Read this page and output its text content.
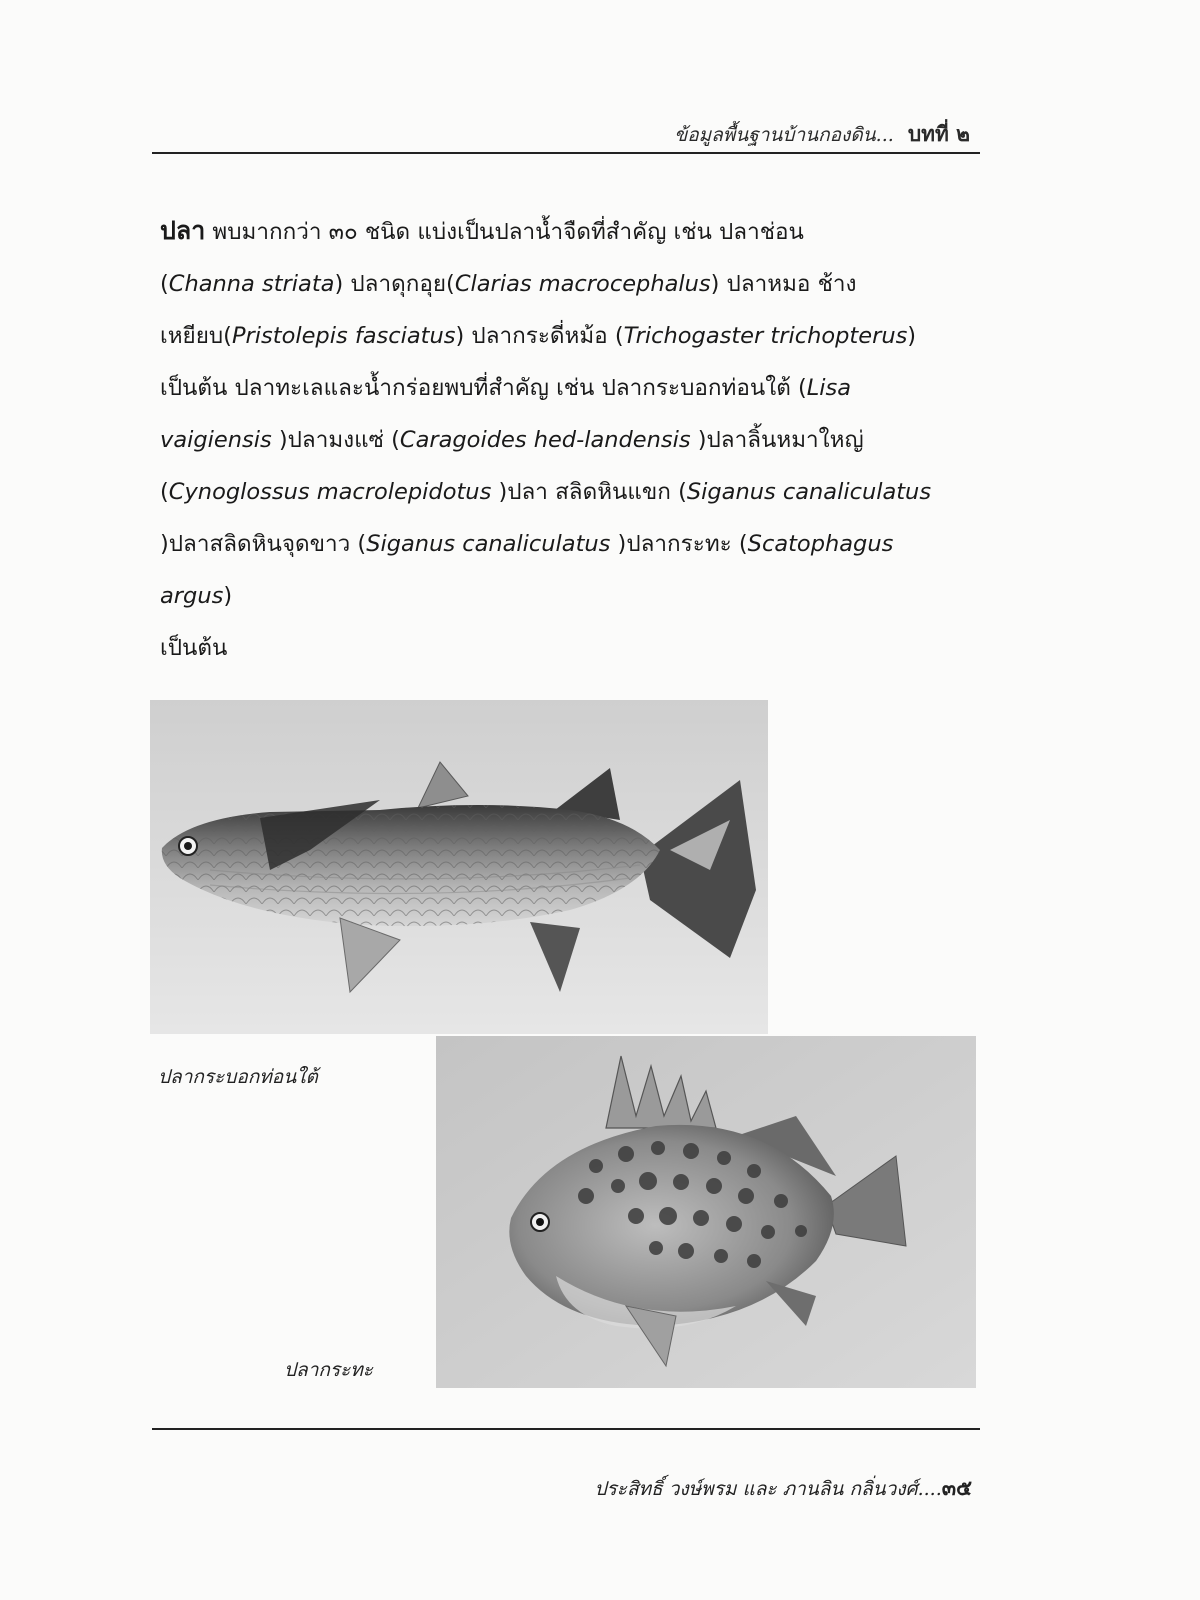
ข้อมูลพื้นฐานบ้านกองดิน... บทที่ ๒
ปลา พบมากกว่า ๓๐ ชนิด แบ่งเป็นปลาน้ำจืดที่สำคัญ เช่น ปลาช่อน
(Channa striata) ปลาดุกอุย(Clarias macrocephalus) ปลาหมอ ช้างเหยียบ(Pristolepis fasciatus) ปลากระดี่หม้อ (Trichogaster trichopterus) เป็นต้น ปลาทะเลและน้ำกร่อยพบที่สำคัญ เช่น ปลากระบอกท่อนใต้ (Lisa vaigiensis )ปลามงแซ่ (Caragoides hed-landensis )ปลาลิ้นหมาใหญ่ (Cynoglossus macrolepidotus )ปลา สลิดหินแขก (Siganus canaliculatus )ปลาสลิดหินจุดขาว (Siganus canaliculatus )ปลากระทะ (Scatophagus argus)
เป็นต้น
ปลากระบอกท่อนใต้
ปลากระทะ
ประสิทธิ์ วงษ์พรม และ ภานลิน กลิ่นวงศ์....๓๕
